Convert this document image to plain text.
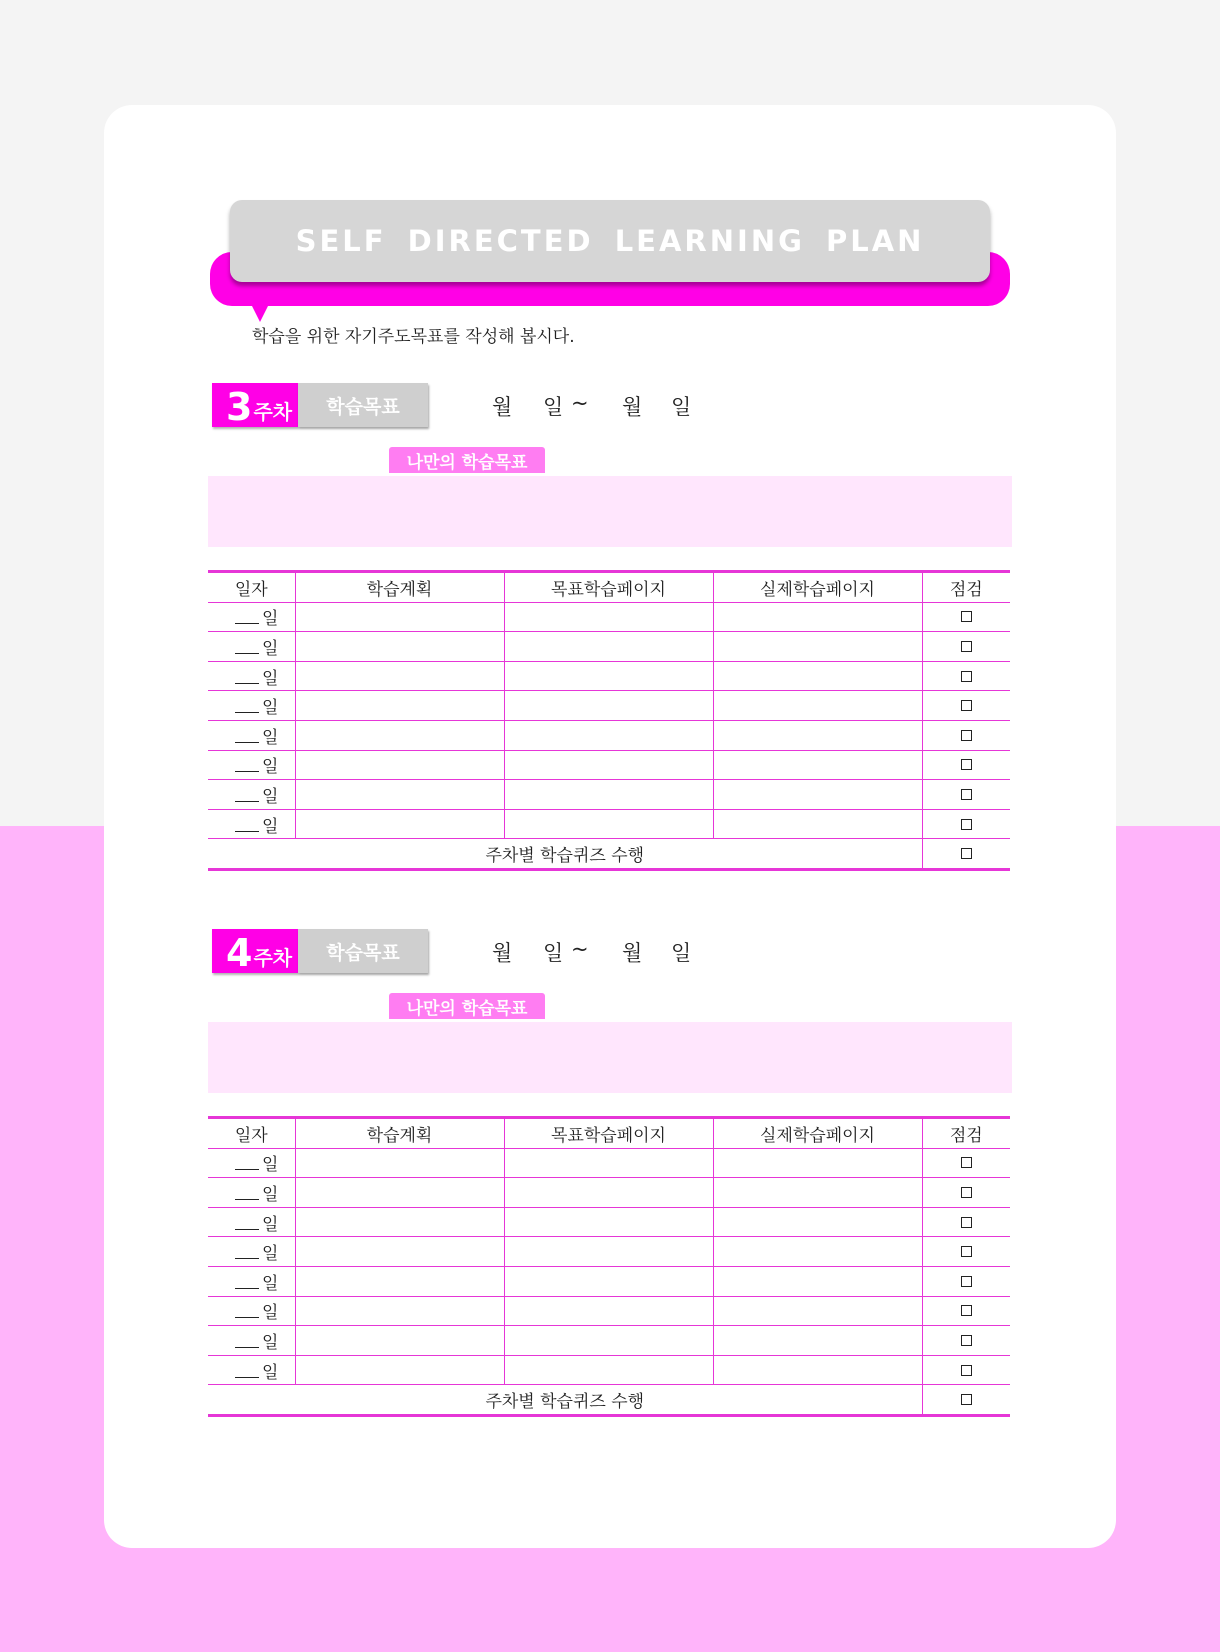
SELF DIRECTED LEARNING PLAN
학습을 위한 자기주도목표를 작성해 봅시다.
3 주차	학습목표	월 일 ~ 월 일
나만의 학습목표
일자	학습계획	목표학습페이지	실제학습페이지	점검
일				
일				
일				
일				
일				
일				
일				
일				
주차별 학습퀴즈 수행				
4 주차	학습목표	월 일 ~ 월 일
나만의 학습목표
일자	학습계획	목표학습페이지	실제학습페이지	점검
일				
일				
일				
일				
일				
일				
일				
일				
주차별 학습퀴즈 수행				
